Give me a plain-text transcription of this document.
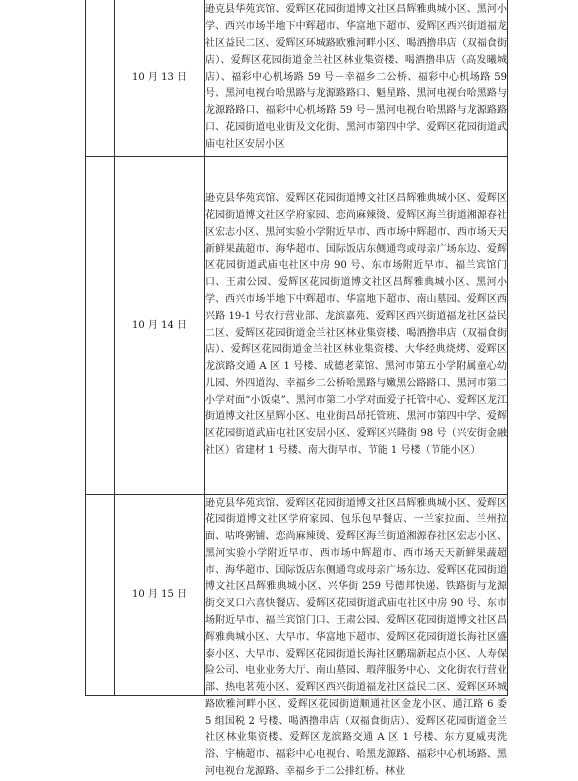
	10 月 13 日	逊克县华苑宾馆、爱辉区花园街道博文社区昌辉雅典城小区、黑河小学、西兴市场半地下中辉超市、华富地下超市、爱辉区西兴街道福龙社区益民二区、爱辉区环城路欧雅河畔小区、喝酒撸串店（双福食街店）、爱辉区花园街道金兰社区林业集资楼、喝酒撸串店（高发曦城店）、福彩中心机场路 59 号－幸福乡二公桥、福彩中心机场路 59 号、黑河电视台哈黑路与龙源路路口、魁星路、黑河电视台哈黑路与龙源路路口、福彩中心机场路 59 号－黑河电视台哈黑路与龙源路路口、花园街道电业街及文化街、黑河市第四中学、爱辉区花园街道武庙屯社区安居小区
	10 月 14 日	逊克县华苑宾馆、爱辉区花园街道博文社区昌辉雅典城小区、爱辉区花园街道博文社区学府家园、恋尚麻辣烫、爱辉区海兰街道湘源春社区宏志小区、黑河实验小学附近早市、西市场中辉超市、西市场天天新鲜果蔬超市、海华超市、国际饭店东侧通弯或母亲广场东边、爱辉区花园街道武庙屯社区中房 90 号、东市场附近早市、福兰宾馆门口、王肃公园、爱辉区花园街道博文社区昌辉雅典城小区、黑河小学、西兴市场半地下中辉超市、华富地下超市、南山墓园、爱辉区西兴路 19-1 号农行营业部、龙滨嘉苑、爱辉区西兴街道福龙社区益民二区、爱辉区花园街道金兰社区林业集资楼、喝酒撸串店（双福食街店）、爱辉区花园街道金兰社区林业集资楼、大华经典烧烤、爱辉区龙滨路交通 A 区 1 号楼、成德老菜馆、黑河市第五小学附属童心幼儿园、外四道沟、幸福乡二公桥哈黑路与嫩黑公路路口、黑河市第二小学对面“小饭桌”、黑河市第二小学对面爱子托管中心、爱辉区龙江街道博文社区星辉小区、电业街昌昂托管班、黑河市第四中学、爱辉区花园街道武庙屯社区安居小区、爱辉区兴隆街 98 号（兴安街金融社区）省建材 1 号楼、南大街早市、节能 1 号楼（节能小区）
	10 月 15 日	逊克县华苑宾馆、爱辉区花园街道博文社区昌辉雅典城小区、爱辉区花园街道博文社区学府家园、包乐包早餐店、一兰家拉面、兰州拉面、咕咚粥铺、恋尚麻辣烫、爱辉区海兰街道湘源春社区宏志小区、黑河实验小学附近早市、西市场中辉超市、西市场天天新鲜果蔬超市、海华超市、国际饭店东侧通弯或母亲广场东边、爱辉区花园街道博文社区昌辉雅典城小区、兴华街 259 号德邦快递、铁路街与龙源街交叉口六喜快餐店、爱辉区花园街道武庙屯社区中房 90 号、东市场附近早市、福兰宾馆门口、王肃公园、爱辉区花园街道博文社区昌辉雅典城小区、大早市、华富地下超市、爱辉区花园街道长海社区盛泰小区、大早市、爱辉区花园街道长海社区鹏瑞新起点小区、人寿保险公司、电业业务大厅、南山墓园、瑕萍服务中心、文化街农行营业部、热电茗苑小区、爱辉区西兴街道福龙社区益民二区、爱辉区环城路欧雅河畔小区、爱辉区花园街道顺通社区金龙小区、通江路 6 委 5 组国税 2 号楼、喝酒撸串店（双福食街店）、爱辉区花园街道金兰社区林业集资楼、爱辉区龙滨路交通 A 区 1 号楼、东方夏威夷洗浴、宇楠超市、福彩中心电视台、哈黑龙源路、福彩中心机场路、黑河电视台龙源路、幸福乡于二公排红桥、林业
